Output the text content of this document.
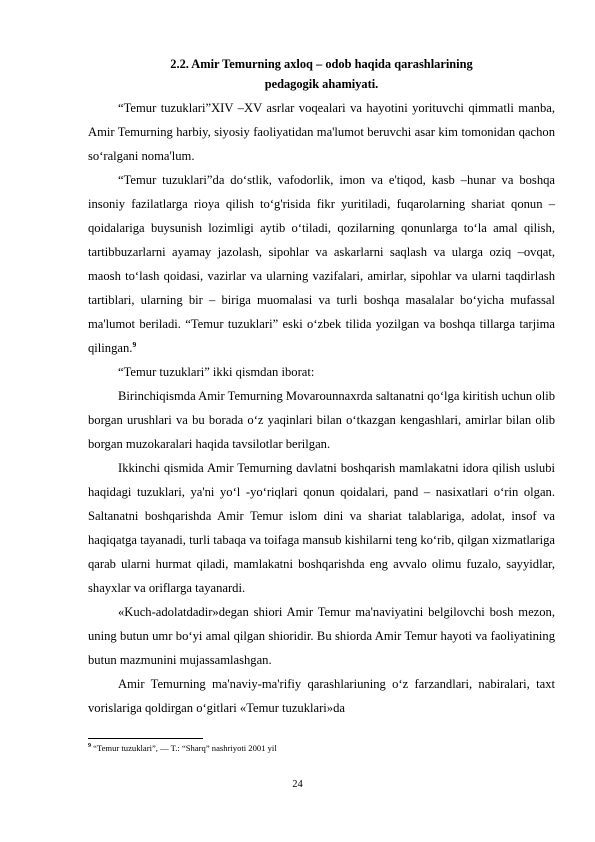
2.2. Amir Temurning axloq – odob haqida qarashlarining

pedagogik ahamiyati.

“Temur tuzuklari”XIV –XV asrlar voqealari va hayotini yorituvchi qimmatli manba, Amir Temurning harbiy, siyosiy faoliyatidan ma'lumot beruvchi asar kim tomonidan qachon so‘ralgani noma'lum.

“Temur tuzuklari”da do‘stlik, vafodorlik, imon va e'tiqod, kasb –hunar va boshqa insoniy fazilatlarga rioya qilish to‘g'risida fikr yuritiladi, fuqarolarning shariat qonun –qoidalariga buysunish lozimligi aytib o‘tiladi, qozilarning qonunlarga to‘la amal qilish, tartibbuzarlarni ayamay jazolash, sipohlar va askarlarni saqlash va ularga oziq –ovqat, maosh to‘lash qoidasi, vazirlar va ularning vazifalari, amirlar, sipohlar va ularni taqdirlash tartiblari, ularning bir – biriga muomalasi va turli boshqa masalalar bo‘yicha mufassal ma'lumot beriladi. “Temur tuzuklari” eski o‘zbek tilida yozilgan va boshqa tillarga tarjima qilingan.$^9$

“Temur tuzuklari” ikki qismdan iborat:

Birinchiqismda Amir Temurning Movarounnaxrda saltanatni qo‘lga kiritish uchun olib borgan urushlari va bu borada o‘z yaqinlari bilan o‘tkazgan kengashlari, amirlar bilan olib borgan muzokaralari haqida tavsilotlar berilgan.

Ikkinchi qismida Amir Temurning davlatni boshqarish mamlakatni idora qilish uslubi haqidagi tuzuklari, ya'ni yo‘l -yo‘riqlari qonun qoidalari, pand – nasixatlari o‘rin olgan. Saltanatni boshqarishda Amir Temur islom dini va shariat talablariga, adolat, insof va haqiqatga tayanadi, turli tabaqa va toifaga mansub kishilarni teng ko‘rib, qilgan xizmatlariga qarab ularni hurmat qiladi, mamlakatni boshqarishda eng avvalo olimu fuzalo, sayyidlar, shayxlar va oriflarga tayanardi.

«Kuch-adolatdadir»degan shiori Amir Temur ma'naviyatini belgilovchi bosh mezon, uning butun umr bo‘yi amal qilgan shioridir. Bu shiorda Amir Temur hayoti va faoliyatining butun mazmunini mujassamlashgan.

Amir Temurning ma'naviy-ma'rifiy qarashlariuning o‘z farzandlari, nabiralari, taxt vorislariga qoldirgan o‘gitlari «Temur tuzuklari»da

$^9$ “Temur tuzuklari”, — T.: “Sharq” nashriyoti 2001 yil

24
